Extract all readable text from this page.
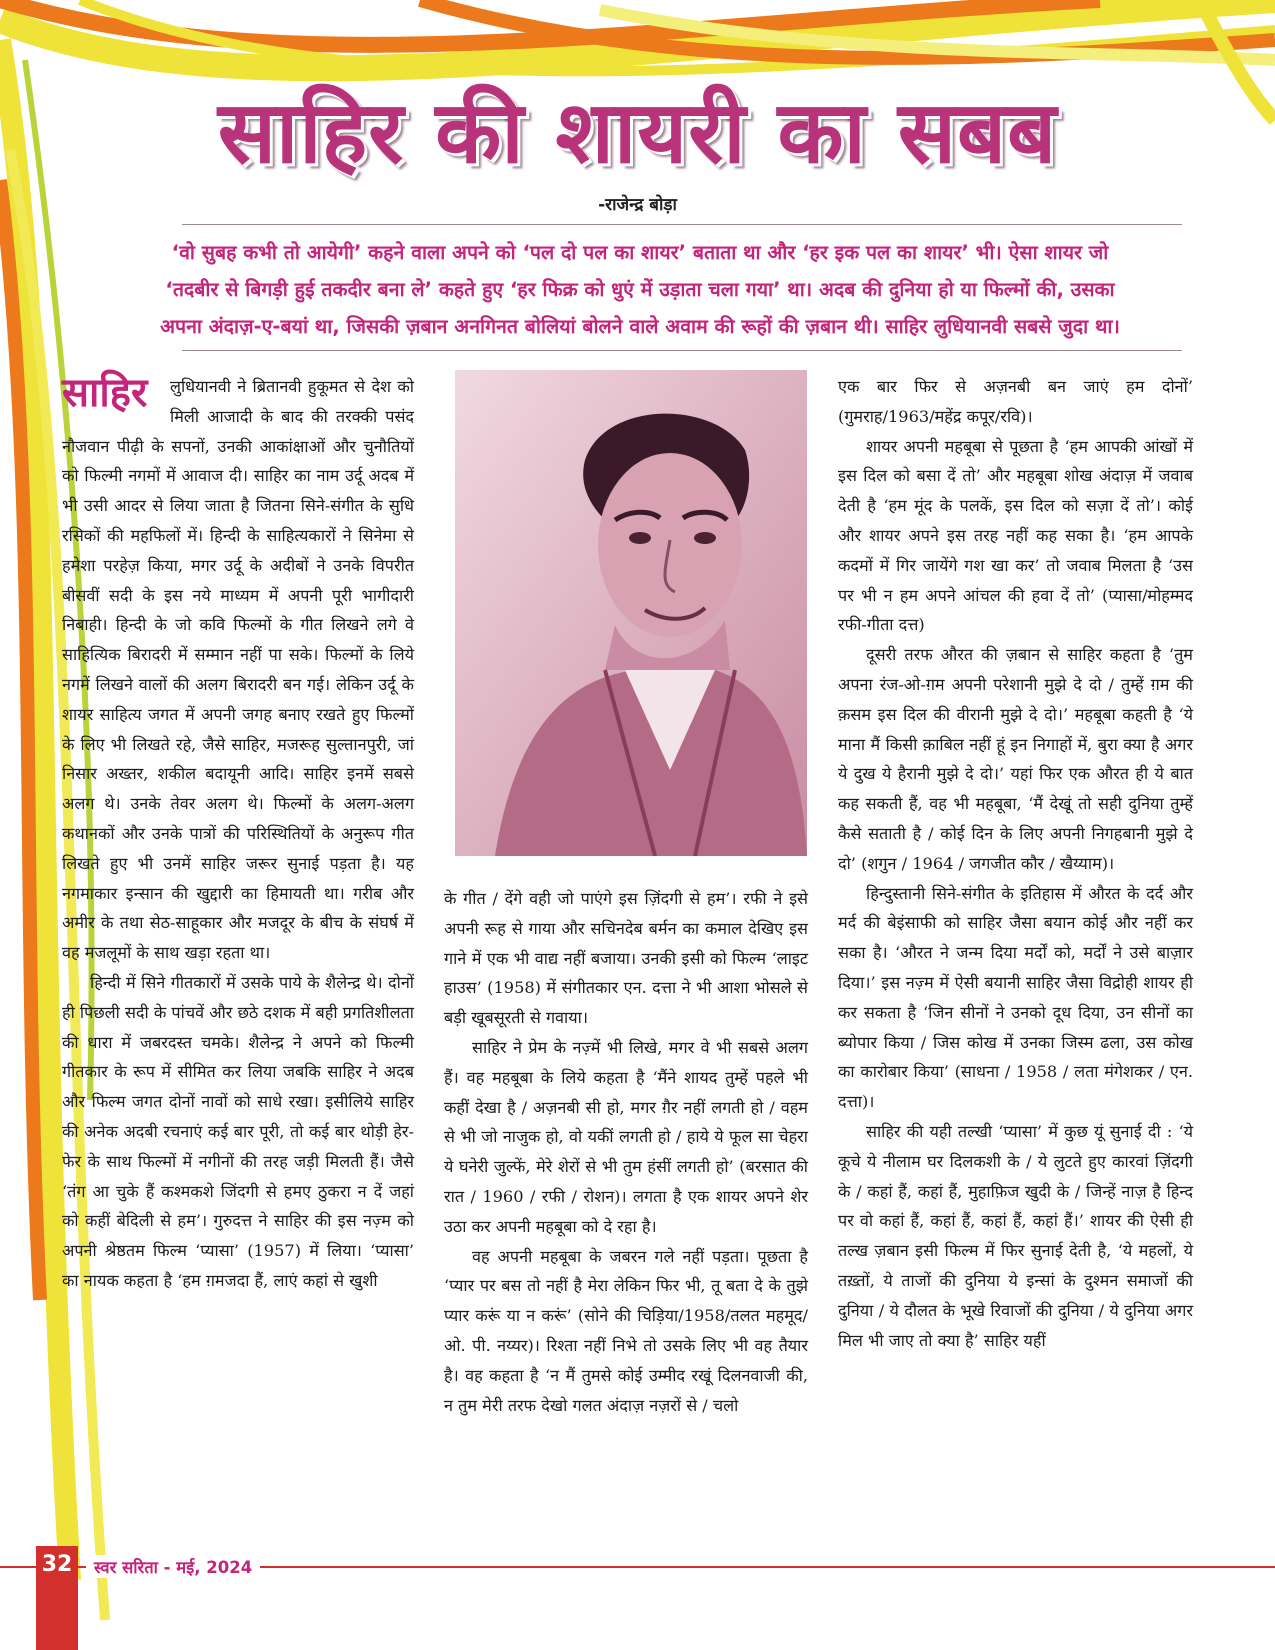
साहिर की शायरी का सबब
-राजेन्द्र बोड़ा

‘वो सुबह कभी तो आयेगी’ कहने वाला अपने को ‘पल दो पल का शायर’ बताता था और ‘हर इक पल का शायर’ भी। ऐसा शायर जो

‘तदबीर से बिगड़ी हुई तकदीर बना ले’ कहते हुए ‘हर फिक्र को धुएं में उड़ाता चला गया’ था। अदब की दुनिया हो या फिल्मों की, उसका

अपना अंदाज़-ए-बयां था, जिसकी ज़बान अनगिनत बोलियां बोलने वाले अवाम की रूहों की ज़बान थी। साहिर लुधियानवी सबसे जुदा था।

साहिर	लुधियानवी ने ब्रितानवी हुकूमत से देश को मिली आजादी के बाद की तरक्की पसंद नौजवान पीढ़ी के सपनों, उनकी आकांक्षाओं और चुनौतियों को फिल्मी नगमों में आवाज दी। साहिर का नाम उर्दू अदब में भी उसी आदर से लिया जाता है जितना सिने-संगीत के सुधि रसिकों की महफिलों में। हिन्दी के साहित्यकारों ने सिनेमा से हमेशा परहेज़ किया, मगर उर्दू के अदीबों ने उनके विपरीत बीसवीं सदी के इस नये माध्यम में अपनी पूरी भागीदारी निबाही। हिन्दी के जो कवि फिल्मों के गीत लिखने लगे वे साहित्यिक बिरादरी में सम्मान नहीं पा सके। फिल्मों के लिये नगमें लिखने वालों की अलग बिरादरी बन गई। लेकिन उर्दू के शायर साहित्य जगत में अपनी जगह बनाए रखते हुए फिल्मों के लिए भी लिखते रहे, जैसे साहिर, मजरूह सुल्तानपुरी, जां निसार अख्तर, शकील बदायूनी आदि। साहिर इनमें सबसे अलग थे। उनके तेवर अलग थे। फिल्मों के अलग-अलग कथानकों और उनके पात्रों की परिस्थितियों के अनुरूप गीत लिखते हुए भी उनमें साहिर जरूर सुनाई पड़ता है। यह नगमाकार इन्सान की खुद्दारी का हिमायती था। गरीब और अमीर के तथा सेठ-साहूकार और मजदूर के बीच के संघर्ष में वह मजलूमों के साथ खड़ा रहता था।

हिन्दी में सिने गीतकारों में उसके पाये के शैलेन्द्र थे। दोनों ही पिछली सदी के पांचवें और छठे दशक में बही प्रगतिशीलता की धारा में जबरदस्त चमके। शैलेन्द्र ने अपने को फिल्मी गीतकार के रूप में सीमित कर लिया जबकि साहिर ने अदब और फिल्म जगत दोनों नावों को साधे रखा। इसीलिये साहिर की अनेक अदबी रचनाएं कई बार पूरी, तो कई बार थोड़ी हेर-फेर के साथ फिल्मों में नगीनों की तरह जड़ी मिलती हैं। जैसे ‘तंग आ चुके हैं कश्मकशे जिंदगी से हमए ठुकरा न दें जहां को कहीं बेदिली से हम’। गुरुदत्त ने साहिर की इस नज़्म को अपनी श्रेष्ठतम फिल्म ‘प्यासा’ (1957) में लिया। ‘प्यासा’ का नायक कहता है ‘हम ग़मजदा हैं, लाएं कहां से खुशी

के गीत / देंगे वही जो पाएंगे इस ज़िंदगी से हम’। रफी ने इसे अपनी रूह से गाया और सचिनदेब बर्मन का कमाल देखिए इस गाने में एक भी वाद्य नहीं बजाया। उनकी इसी को फिल्म ‘लाइट हाउस’ (1958) में संगीतकार एन. दत्ता ने भी आशा भोसले से बड़ी खूबसूरती से गवाया।

साहिर ने प्रेम के नज़्में भी लिखे, मगर वे भी सबसे अलग हैं। वह महबूबा के लिये कहता है ‘मैंने शायद तुम्हें पहले भी कहीं देखा है / अज़नबी सी हो, मगर ग़ैर नहीं लगती हो / वहम से भी जो नाजुक हो, वो यकीं लगती हो / हाये ये फूल सा चेहरा ये घनेरी जुल्फें, मेरे शेरों से भी तुम हंसीं लगती हो’ (बरसात की रात / 1960 / रफी / रोशन)। लगता है एक शायर अपने शेर उठा कर अपनी महबूबा को दे रहा है।

वह अपनी महबूबा के जबरन गले नहीं पड़ता। पूछता है ‘प्यार पर बस तो नहीं है मेरा लेकिन फिर भी, तू बता दे के तुझे प्यार करूं या न करूं’ (सोने की चिड़िया/1958/तलत महमूद/ओ. पी. नय्यर)। रिश्ता नहीं निभे तो उसके लिए भी वह तैयार है। वह कहता है ‘न मैं तुमसे कोई उम्मीद रखूं दिलनवाजी की, न तुम मेरी तरफ देखो गलत अंदाज़ नज़रों से / चलो

एक बार फिर से अज़नबी बन जाएं हम दोनों’ (गुमराह/1963/महेंद्र कपूर/रवि)।

शायर अपनी महबूबा से पूछता है ‘हम आपकी आंखों में इस दिल को बसा दें तो’ और महबूबा शोख अंदाज़ में जवाब देती है ‘हम मूंद के पलकें, इस दिल को सज़ा दें तो’। कोई और शायर अपने इस तरह नहीं कह सका है। ‘हम आपके कदमों में गिर जायेंगे गश खा कर’ तो जवाब मिलता है ‘उस पर भी न हम अपने आंचल की हवा दें तो’ (प्यासा/मोहम्मद रफी-गीता दत्त)

दूसरी तरफ औरत की ज़बान से साहिर कहता है ‘तुम अपना रंज-ओ-ग़म अपनी परेशानी मुझे दे दो / तुम्हें ग़म की क़सम इस दिल की वीरानी मुझे दे दो।’ महबूबा कहती है ‘ये माना मैं किसी क़ाबिल नहीं हूं इन निगाहों में, बुरा क्या है अगर ये दुख ये हैरानी मुझे दे दो।’ यहां फिर एक औरत ही ये बात कह सकती हैं, वह भी महबूबा, ‘मैं देखूं तो सही दुनिया तुम्हें कैसे सताती है / कोई दिन के लिए अपनी निगहबानी मुझे दे दो’ (शगुन / 1964 / जगजीत कौर / खैय्याम)।

हिन्दुस्तानी सिने-संगीत के इतिहास में औरत के दर्द और मर्द की बेइंसाफी को साहिर जैसा बयान कोई और नहीं कर सका है। ‘औरत ने जन्म दिया मर्दों को, मर्दों ने उसे बाज़ार दिया।’ इस नज़्म में ऐसी बयानी साहिर जैसा विद्रोही शायर ही कर सकता है ‘जिन सीनों ने उनको दूध दिया, उन सीनों का ब्योपार किया / जिस कोख में उनका जिस्म ढला, उस कोख का कारोबार किया’ (साधना / 1958 / लता मंगेशकर / एन. दत्ता)।

साहिर की यही तल्खी ‘प्यासा’ में कुछ यूं सुनाई दी : ‘ये कूचे ये नीलाम घर दिलकशी के / ये लुटते हुए कारवां ज़िंदगी के / कहां हैं, कहां हैं, मुहाफ़िज खुदी के / जिन्हें नाज़ है हिन्द पर वो कहां हैं, कहां हैं, कहां हैं, कहां हैं।’ शायर की ऐसी ही तल्ख ज़बान इसी फिल्म में फिर सुनाई देती है, ‘ये महलों, ये तख़्तों, ये ताजों की दुनिया ये इन्सां के दुश्मन समाजों की दुनिया / ये दौलत के भूखे रिवाजों की दुनिया / ये दुनिया अगर मिल भी जाए तो क्या है’ साहिर यहीं

32	स्वर सरिता - मई, 2024
